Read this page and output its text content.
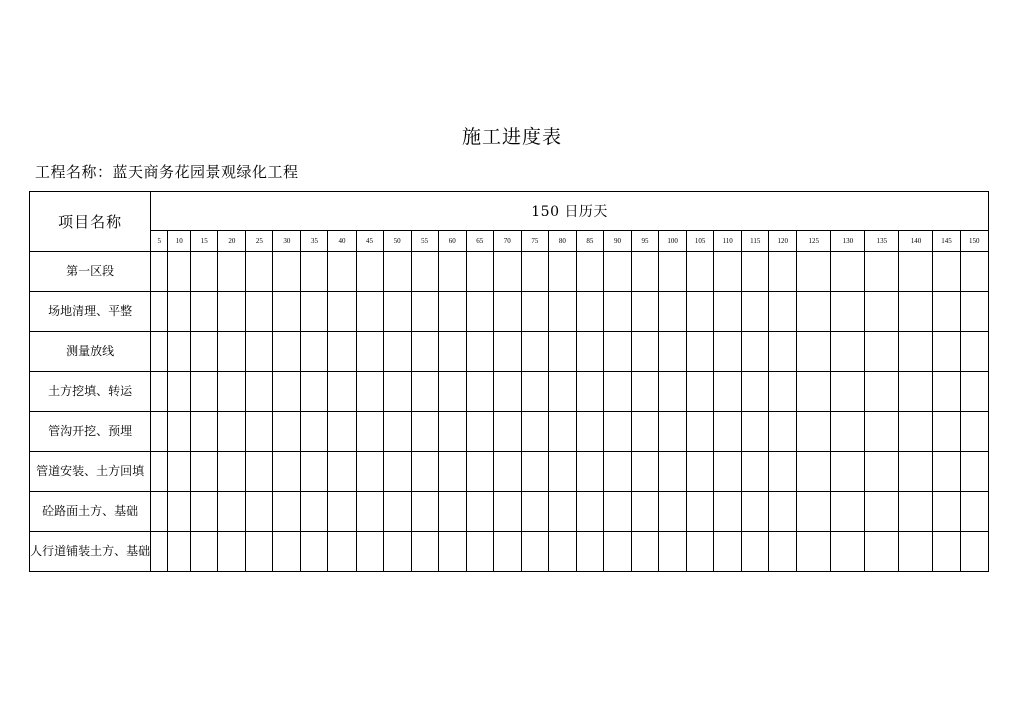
施工进度表
工程名称：蓝天商务花园景观绿化工程
项目名称	150 日历天																													
	5	10	15	20	25	30	35	40	45	50	55	60	65	70	75	80	85	90	95	100	105	110	115	120	125	130	135	140	145	150
第一区段																														
场地清理、平整																														
测量放线																														
土方挖填、转运																														
管沟开挖、预埋																														
管道安装、土方回填																														
砼路面土方、基础																														
人行道铺装土方、基础																														
